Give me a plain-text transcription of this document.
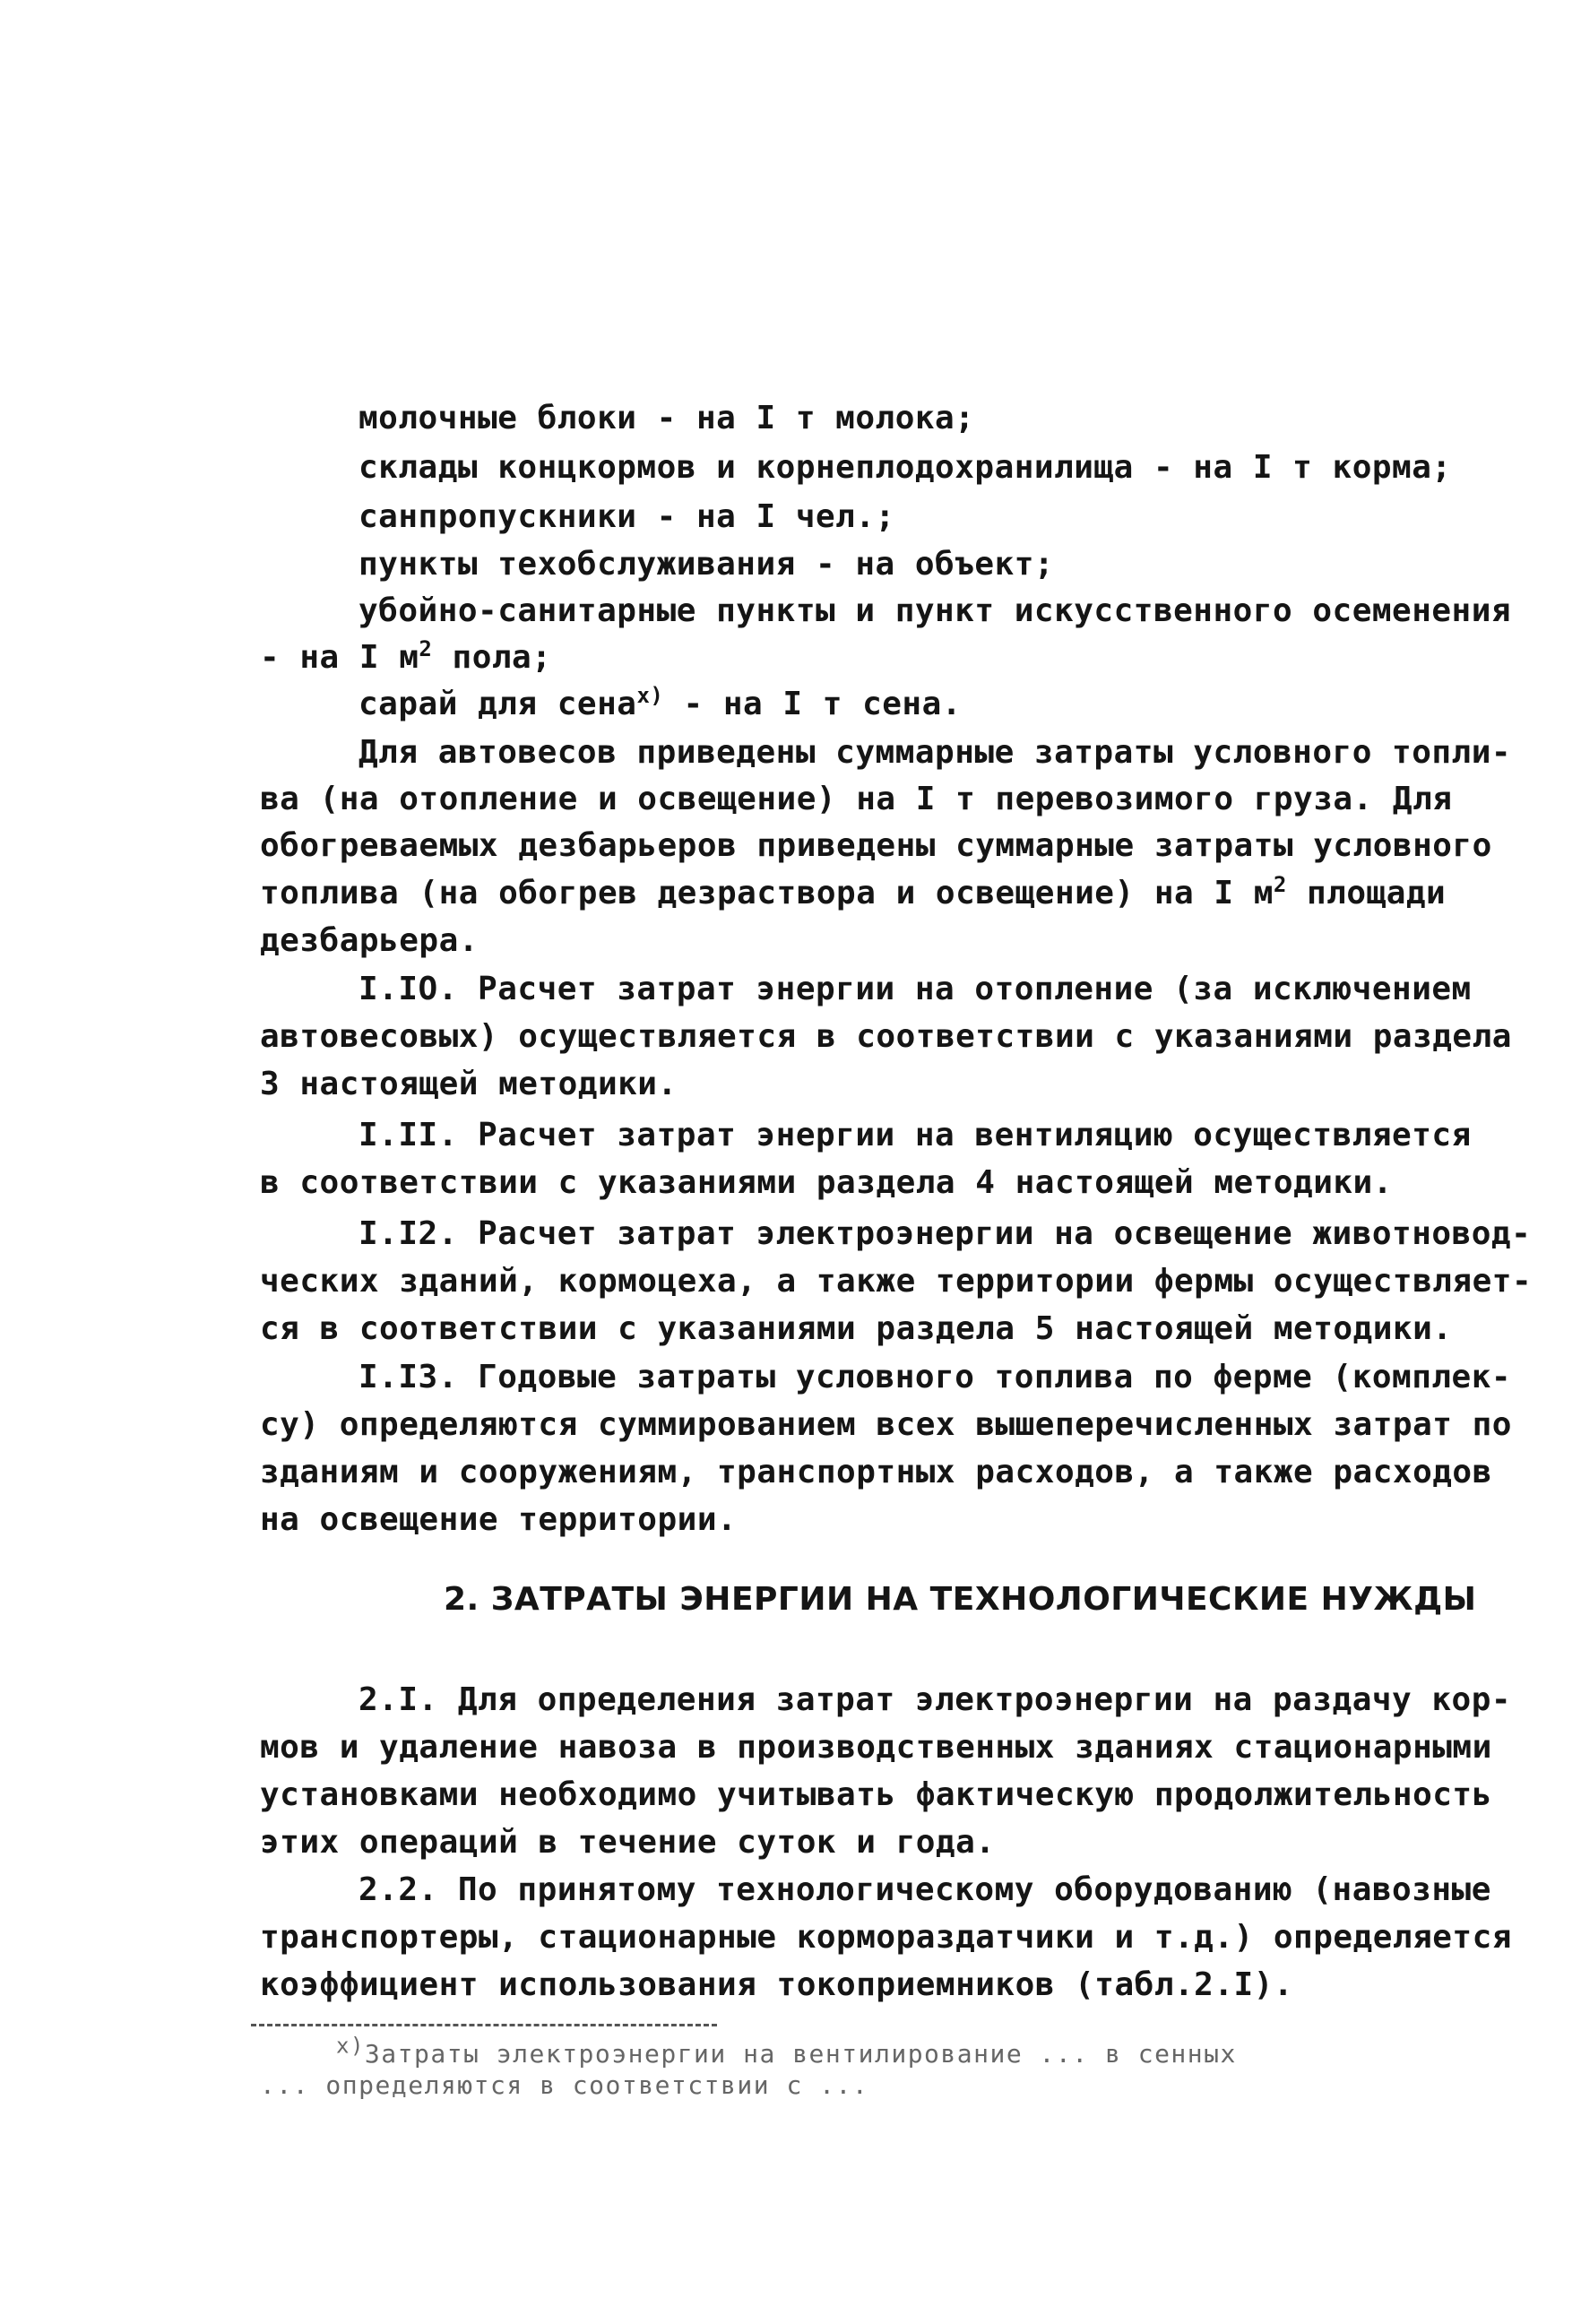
молочные блоки - на I т молока;
склады концкормов и корнеплодохранилища - на I т корма;
санпропускники - на I чел.;
пункты техобслуживания - на объект;
убойно-санитарные пункты и пункт искусственного осеменения
- на I $м^2$ пола;
сарай для сена$^{х)}$ - на I т сена.
Для автовесов приведены суммарные затраты условного топли-
ва (на отопление и освещение) на I т перевозимого груза. Для
обогреваемых дезбарьеров приведены суммарные затраты условного
топлива (на обогрев дезраствора и освещение) на I $м^2$ площади
дезбарьера.
I.IO. Расчет затрат энергии на отопление (за исключением
автовесовых) осуществляется в соответствии с указаниями раздела
3 настоящей методики.
I.II. Расчет затрат энергии на вентиляцию осуществляется
в соответствии с указаниями раздела 4 настоящей методики.
I.I2. Расчет затрат электроэнергии на освещение животновод-
ческих зданий, кормоцеха, а также территории фермы осуществляет-
ся в соответствии с указаниями раздела 5 настоящей методики.
I.I3. Годовые затраты условного топлива по ферме (комплек-
су) определяются суммированием всех вышеперечисленных затрат по
зданиям и сооружениям, транспортных расходов, а также расходов
на освещение территории.
2. ЗАТРАТЫ ЭНЕРГИИ НА ТЕХНОЛОГИЧЕСКИЕ НУЖДЫ
2.I. Для определения затрат электроэнергии на раздачу кор-
мов и удаление навоза в производственных зданиях стационарными
установками необходимо учитывать фактическую продолжительность
этих операций в течение суток и года.
2.2. По принятому технологическому оборудованию (навозные
транспортеры, стационарные кормораздатчики и т.д.) определяется
коэффициент использования токоприемников (табл.2.I).
$^{х)}$Затраты электроэнергии на вентилирование ... в сенных
... определяются в соответствии с ...
